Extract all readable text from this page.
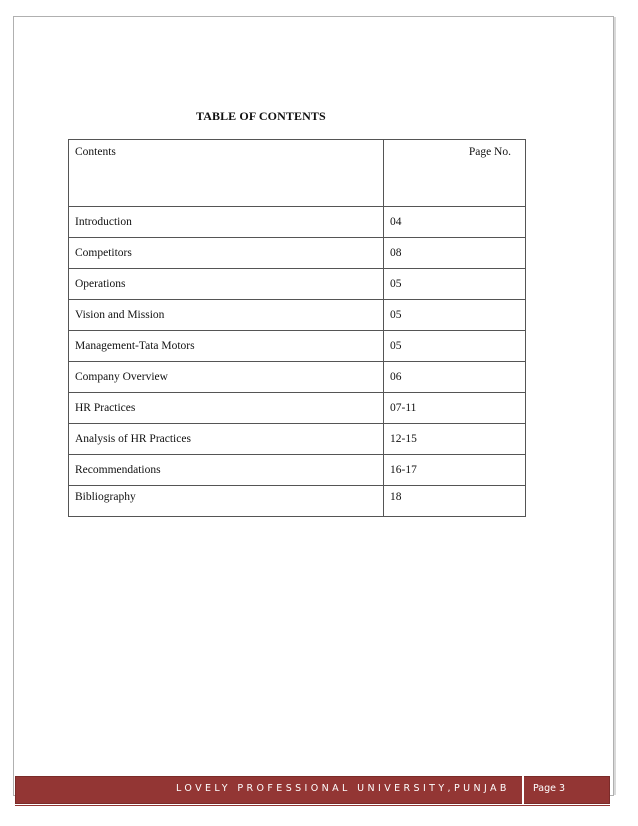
TABLE OF CONTENTS
Contents	Page No.
Introduction	04
Competitors	08
Operations	05
Vision and Mission	05
Management-Tata Motors	05
Company Overview	06
HR Practices	07-11
Analysis of HR Practices	12-15
Recommendations	16-17
Bibliography	18
LOVELY PROFESSIONAL UNIVERSITY,PUNJAB Page 3
